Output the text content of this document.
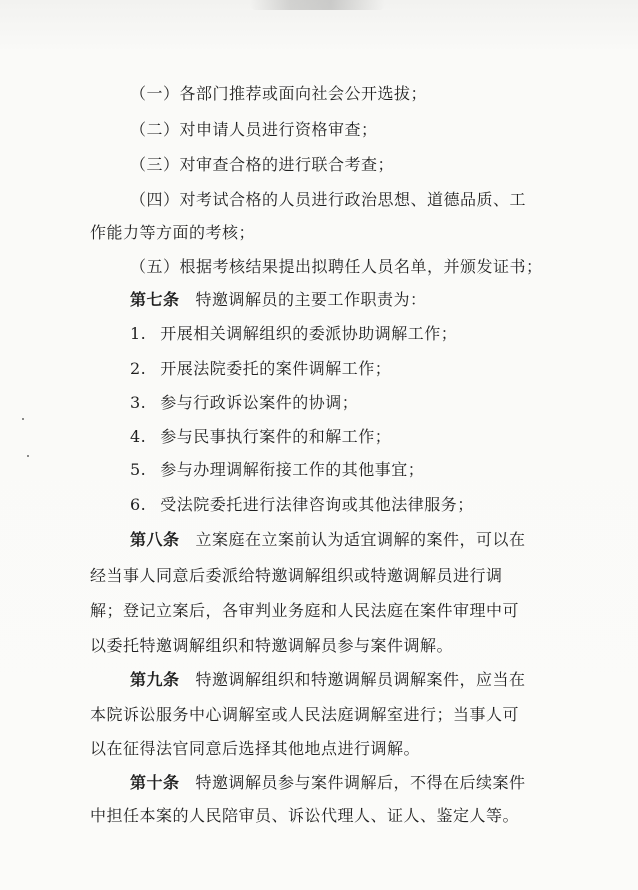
（一）各部门推荐或面向社会公开选拔；
（二）对申请人员进行资格审查；
（三）对审查合格的进行联合考查；
（四）对考试合格的人员进行政治思想、道德品质、工
作能力等方面的考核；
（五）根据考核结果提出拟聘任人员名单，并颁发证书；
第七条 特邀调解员的主要工作职责为：
1. 开展相关调解组织的委派协助调解工作；
2. 开展法院委托的案件调解工作；
3. 参与行政诉讼案件的协调；
4. 参与民事执行案件的和解工作；
5. 参与办理调解衔接工作的其他事宜；
6. 受法院委托进行法律咨询或其他法律服务；
第八条 立案庭在立案前认为适宜调解的案件，可以在
经当事人同意后委派给特邀调解组织或特邀调解员进行调
解；登记立案后，各审判业务庭和人民法庭在案件审理中可
以委托特邀调解组织和特邀调解员参与案件调解。
第九条 特邀调解组织和特邀调解员调解案件，应当在
本院诉讼服务中心调解室或人民法庭调解室进行；当事人可
以在征得法官同意后选择其他地点进行调解。
第十条 特邀调解员参与案件调解后，不得在后续案件
中担任本案的人民陪审员、诉讼代理人、证人、鉴定人等。
